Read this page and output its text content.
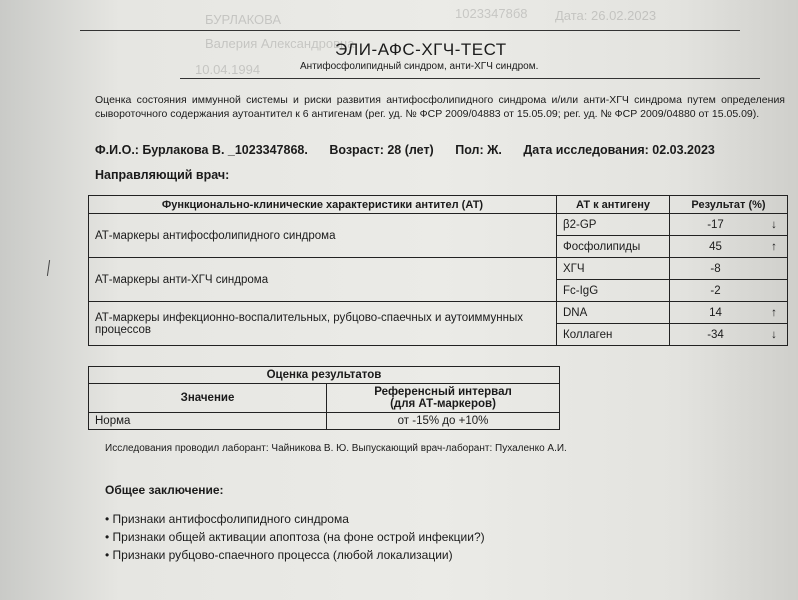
10233478б8 Дата: 26.02.2023
БУРЛАКОВА
Валерия Александровна
10.04.1994
ЭЛИ-АФС-ХГЧ-ТЕСТ
Антифосфолипидный синдром, анти-ХГЧ синдром.
Оценка состояния иммунной системы и риски развития антифосфолипидного синдрома и/или анти-ХГЧ синдрома путем определения сывороточного содержания аутоантител к 6 антигенам (рег. уд. № ФСР 2009/04883 от 15.05.09; рег. уд. № ФСР 2009/04880 от 15.05.09).
Ф.И.О.: Бурлакова В. _1023347868. Возраст: 28 (лет) Пол: Ж. Дата исследования: 02.03.2023
Направляющий врач:
Функционально-клинические характеристики антител (АТ)	АТ к антигену	Результат (%)	
АТ-маркеры антифосфолипидного синдрома	β2-GP	-17	↓
	Фосфолипиды	45	↑
АТ-маркеры анти-ХГЧ синдрома	ХГЧ	-8	
	Fc-IgG	-2	
АТ-маркеры инфекционно-воспалительных, рубцово-спаечных и аутоиммунных процессов	DNA	14	↑
	Коллаген	-34	↓
Оценка результатов	
Значение	Референсный интервал
(для АТ-маркеров)

Норма	от -15% до +10%
Исследования проводил лаборант: Чайникова В. Ю. Выпускающий врач-лаборант: Пухаленко А.И.
Общее заключение:
• Признаки антифосфолипидного синдрома
• Признаки общей активации апоптоза (на фоне острой инфекции?)
• Признаки рубцово-спаечного процесса (любой локализации)
